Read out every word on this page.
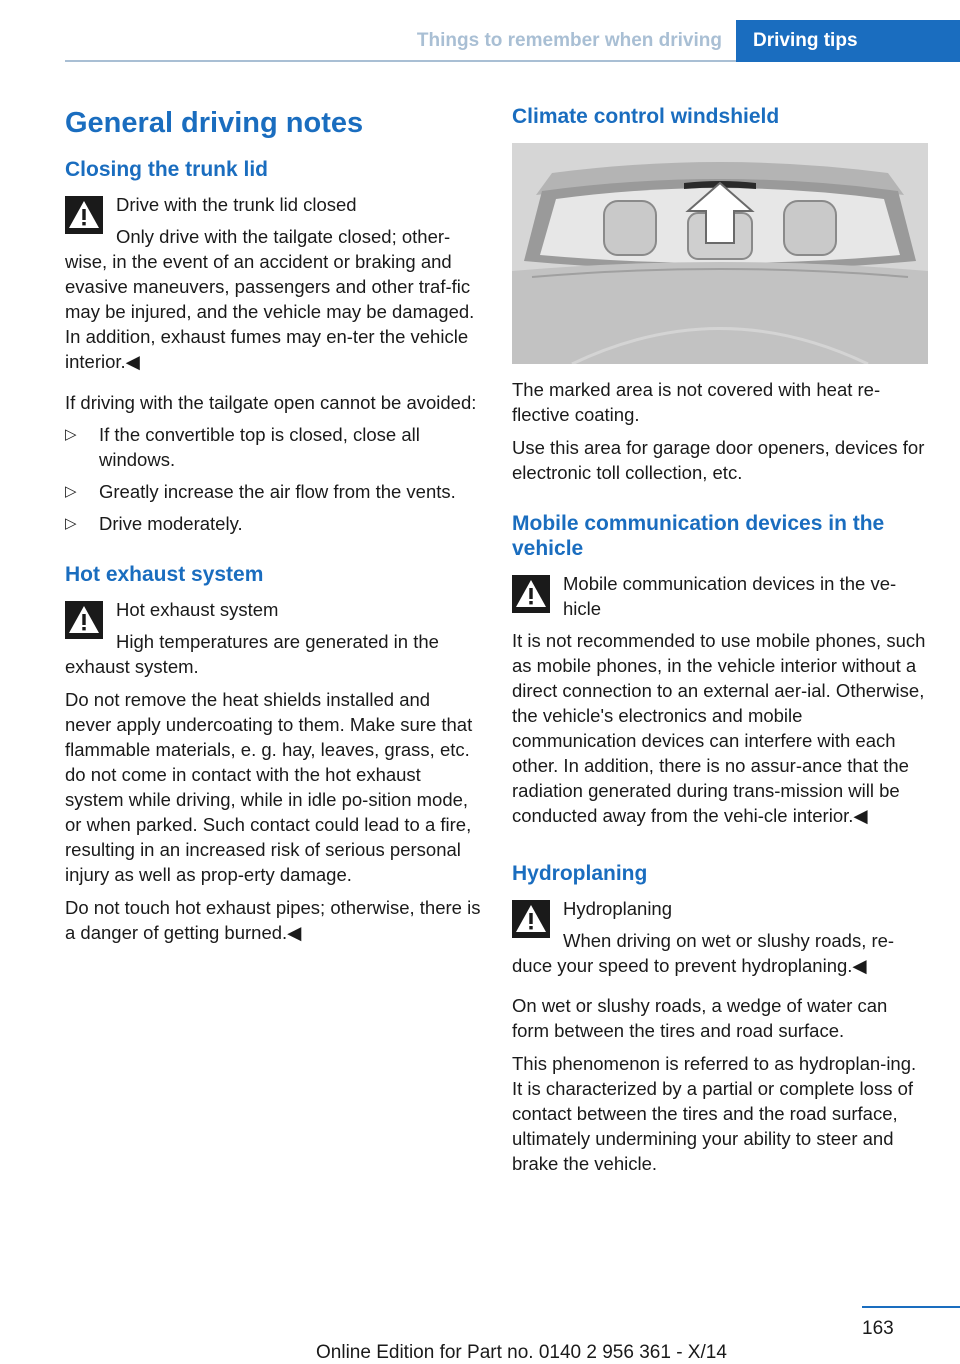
Things to remember when driving	Driving tips
General driving notes
Closing the trunk lid

Drive with the trunk lid closed

Only drive with the tailgate closed; other‐wise, in the event of an accident or braking and evasive maneuvers, passengers and other traf‐fic may be injured, and the vehicle may be damaged. In addition, exhaust fumes may en‐ter the vehicle interior.◀

If driving with the tailgate open cannot be avoided:

▷ If the convertible top is closed, close all windows.
▷ Greatly increase the air flow from the vents.
▷ Drive moderately.
Hot exhaust system

Hot exhaust system

High temperatures are generated in the exhaust system.

Do not remove the heat shields installed and never apply undercoating to them. Make sure that flammable materials, e. g. hay, leaves, grass, etc. do not come in contact with the hot exhaust system while driving, while in idle po‐sition mode, or when parked. Such contact could lead to a fire, resulting in an increased risk of serious personal injury as well as prop‐erty damage.

Do not touch hot exhaust pipes; otherwise, there is a danger of getting burned.◀

Climate control windshield

The marked area is not covered with heat re‐flective coating.

Use this area for garage door openers, devices for electronic toll collection, etc.

Mobile communication devices in the vehicle

Mobile communication devices in the ve‐hicle

It is not recommended to use mobile phones, such as mobile phones, in the vehicle interior without a direct connection to an external aer‐ial. Otherwise, the vehicle's electronics and mobile communication devices can interfere with each other. In addition, there is no assur‐ance that the radiation generated during trans‐mission will be conducted away from the vehi‐cle interior.◀

Hydroplaning

Hydroplaning

When driving on wet or slushy roads, re‐duce your speed to prevent hydroplaning.◀

On wet or slushy roads, a wedge of water can form between the tires and road surface.

This phenomenon is referred to as hydroplan‐ing. It is characterized by a partial or complete loss of contact between the tires and the road surface, ultimately undermining your ability to steer and brake the vehicle.

163
Online Edition for Part no. 0140 2 956 361 - X/14
